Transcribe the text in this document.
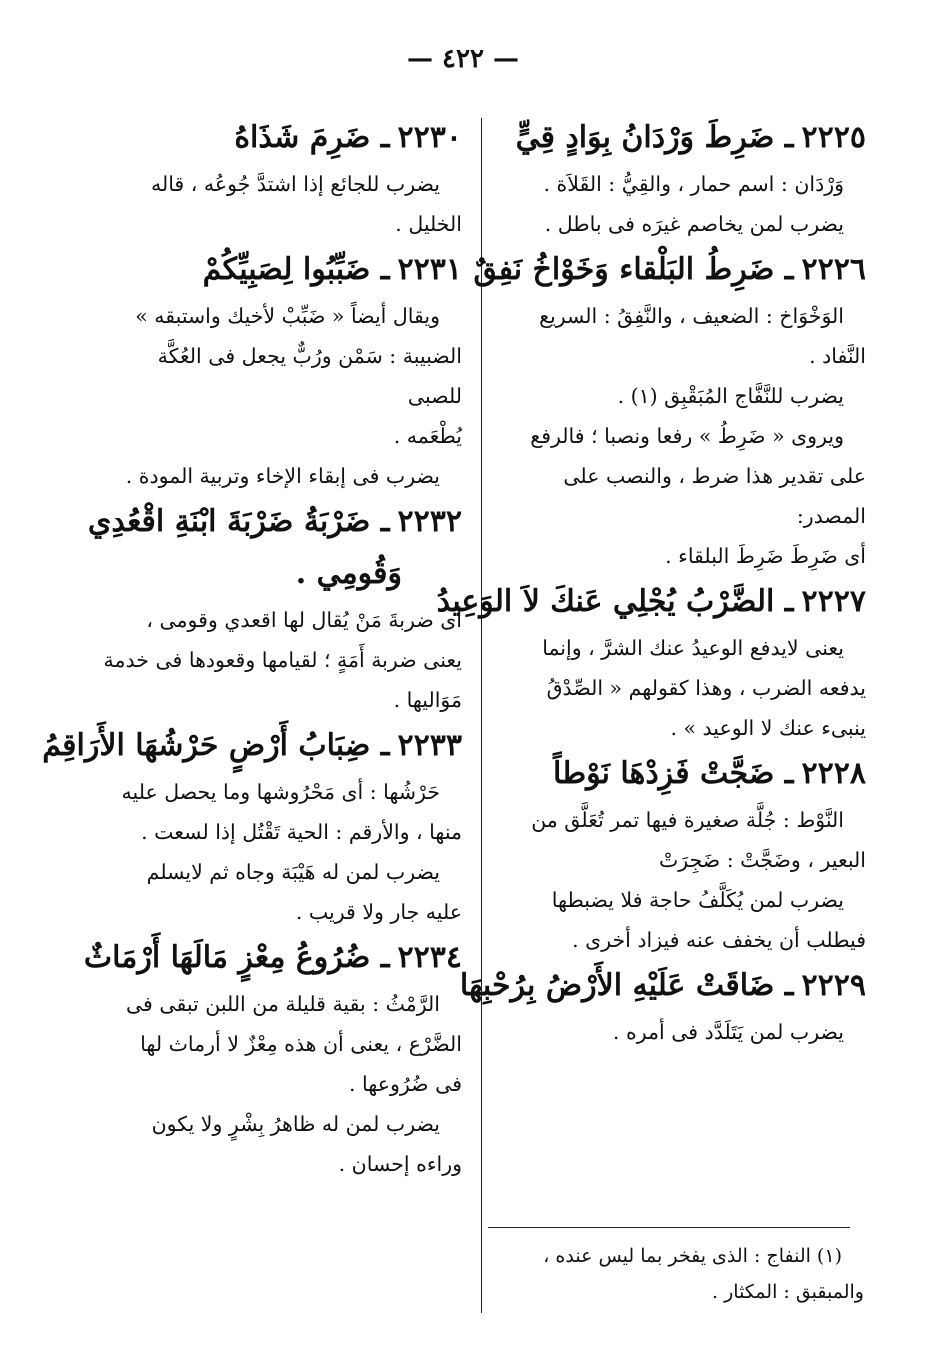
— ٤٢٢ —

٢٢٢٥ـ ضَرِطَ وَرْدَانُ بِوَادٍ قِيٍّ

وَرْدَان : اسم حمار ، والقِيُّ : القَلاَة .

يضرب لمن يخاصم غيرَه فى باطل .

٢٢٢٦ـ ضَرِطُ البَلْقاء وَخَوْاخُ نَفِقٌ

الوَخْوَاخ : الضعيف ، والنَّفِقُ : السريع

النَّفاد .

يضرب للنَّفَّاج المُبَقْبِق (١) .

ويروى « ضَرِطُ » رفعا ونصبا ؛ فالرفع

على تقدير هذا ضرط ، والنصب على المصدر:

أى ضَرِطَ ضَرِطَ البلقاء .

٢٢٢٧ـ الضَّرْبُ يُجْلِي عَنكَ لاَ الوَعِيدُ

يعنى لايدفع الوعيدُ عنك الشرَّ ، وإنما

يدفعه الضرب ، وهذا كقولهم « الصِّدْقُ

ينبىء عنك لا الوعيد » .

٢٢٢٨ـ ضَجَّتْ فَزِدْهَا نَوْطاً

النَّوْط : جُلَّة صغيرة فيها تمر تُعَلَّق من

البعير ، وضَجَّتْ : ضَجِرَتْ

يضرب لمن يُكَلَّفُ حاجة فلا يضبطها

فيطلب أن يخفف عنه فيزاد أخرى .

٢٢٢٩ـ ضَاقَتْ عَلَيْهِ الأَرْضُ بِرُحْبِهَا

يضرب لمن يَتَلَدَّد فى أمره .

٢٢٣٠ـ ضَرِمَ شَذَاهُ

يضرب للجائع إذا اشتدَّ جُوعُه ، قاله

الخليل .

٢٢٣١ـ ضَبِّبُوا لِصَبِيِّكُمْ

ويقال أيضاً « ضَبِّبْ لأخيك واستبقه »

الضبيبة : سَمْن ورُبٌّ يجعل فى العُكَّة للصبى

يُطْعَمه .

يضرب فى إبقاء الإخاء وتربية المودة .

٢٢٣٢ـ ضَرْبَةُ ضَرْبَةَ ابْنَةِ اقْعُدِي

وَقُومِي .

أى ضربةَ مَنْ يُقال لها اقعدي وقومى ،

يعنى ضربة أَمَةٍ ؛ لقيامها وقعودها فى خدمة

مَوَاليها .

٢٢٣٣ـ ضِبَابُ أَرْضٍ حَرْشُهَا الأَرَاقِمُ

حَرْشُها : أى مَحْرُوشها وما يحصل عليه

منها ، والأرقم : الحية تَقْتُل إذا لسعت .

يضرب لمن له هَيْبَة وجاه ثم لايسلم

عليه جار ولا قريب .

٢٢٣٤ـ ضُرُوعُ مِعْزٍ مَالَهَا أَرْمَاثٌ

الرَّمْثُ : بقية قليلة من اللبن تبقى فى

الضَّرْع ، يعنى أن هذه مِعْزٌ لا أرماث لها

فى ضُرُوعها .

يضرب لمن له ظاهرُ بِشْرٍ ولا يكون

وراءه إحسان .

(١) النفاج : الذى يفخر بما ليس عنده ،

والمبقبق : المكثار .
